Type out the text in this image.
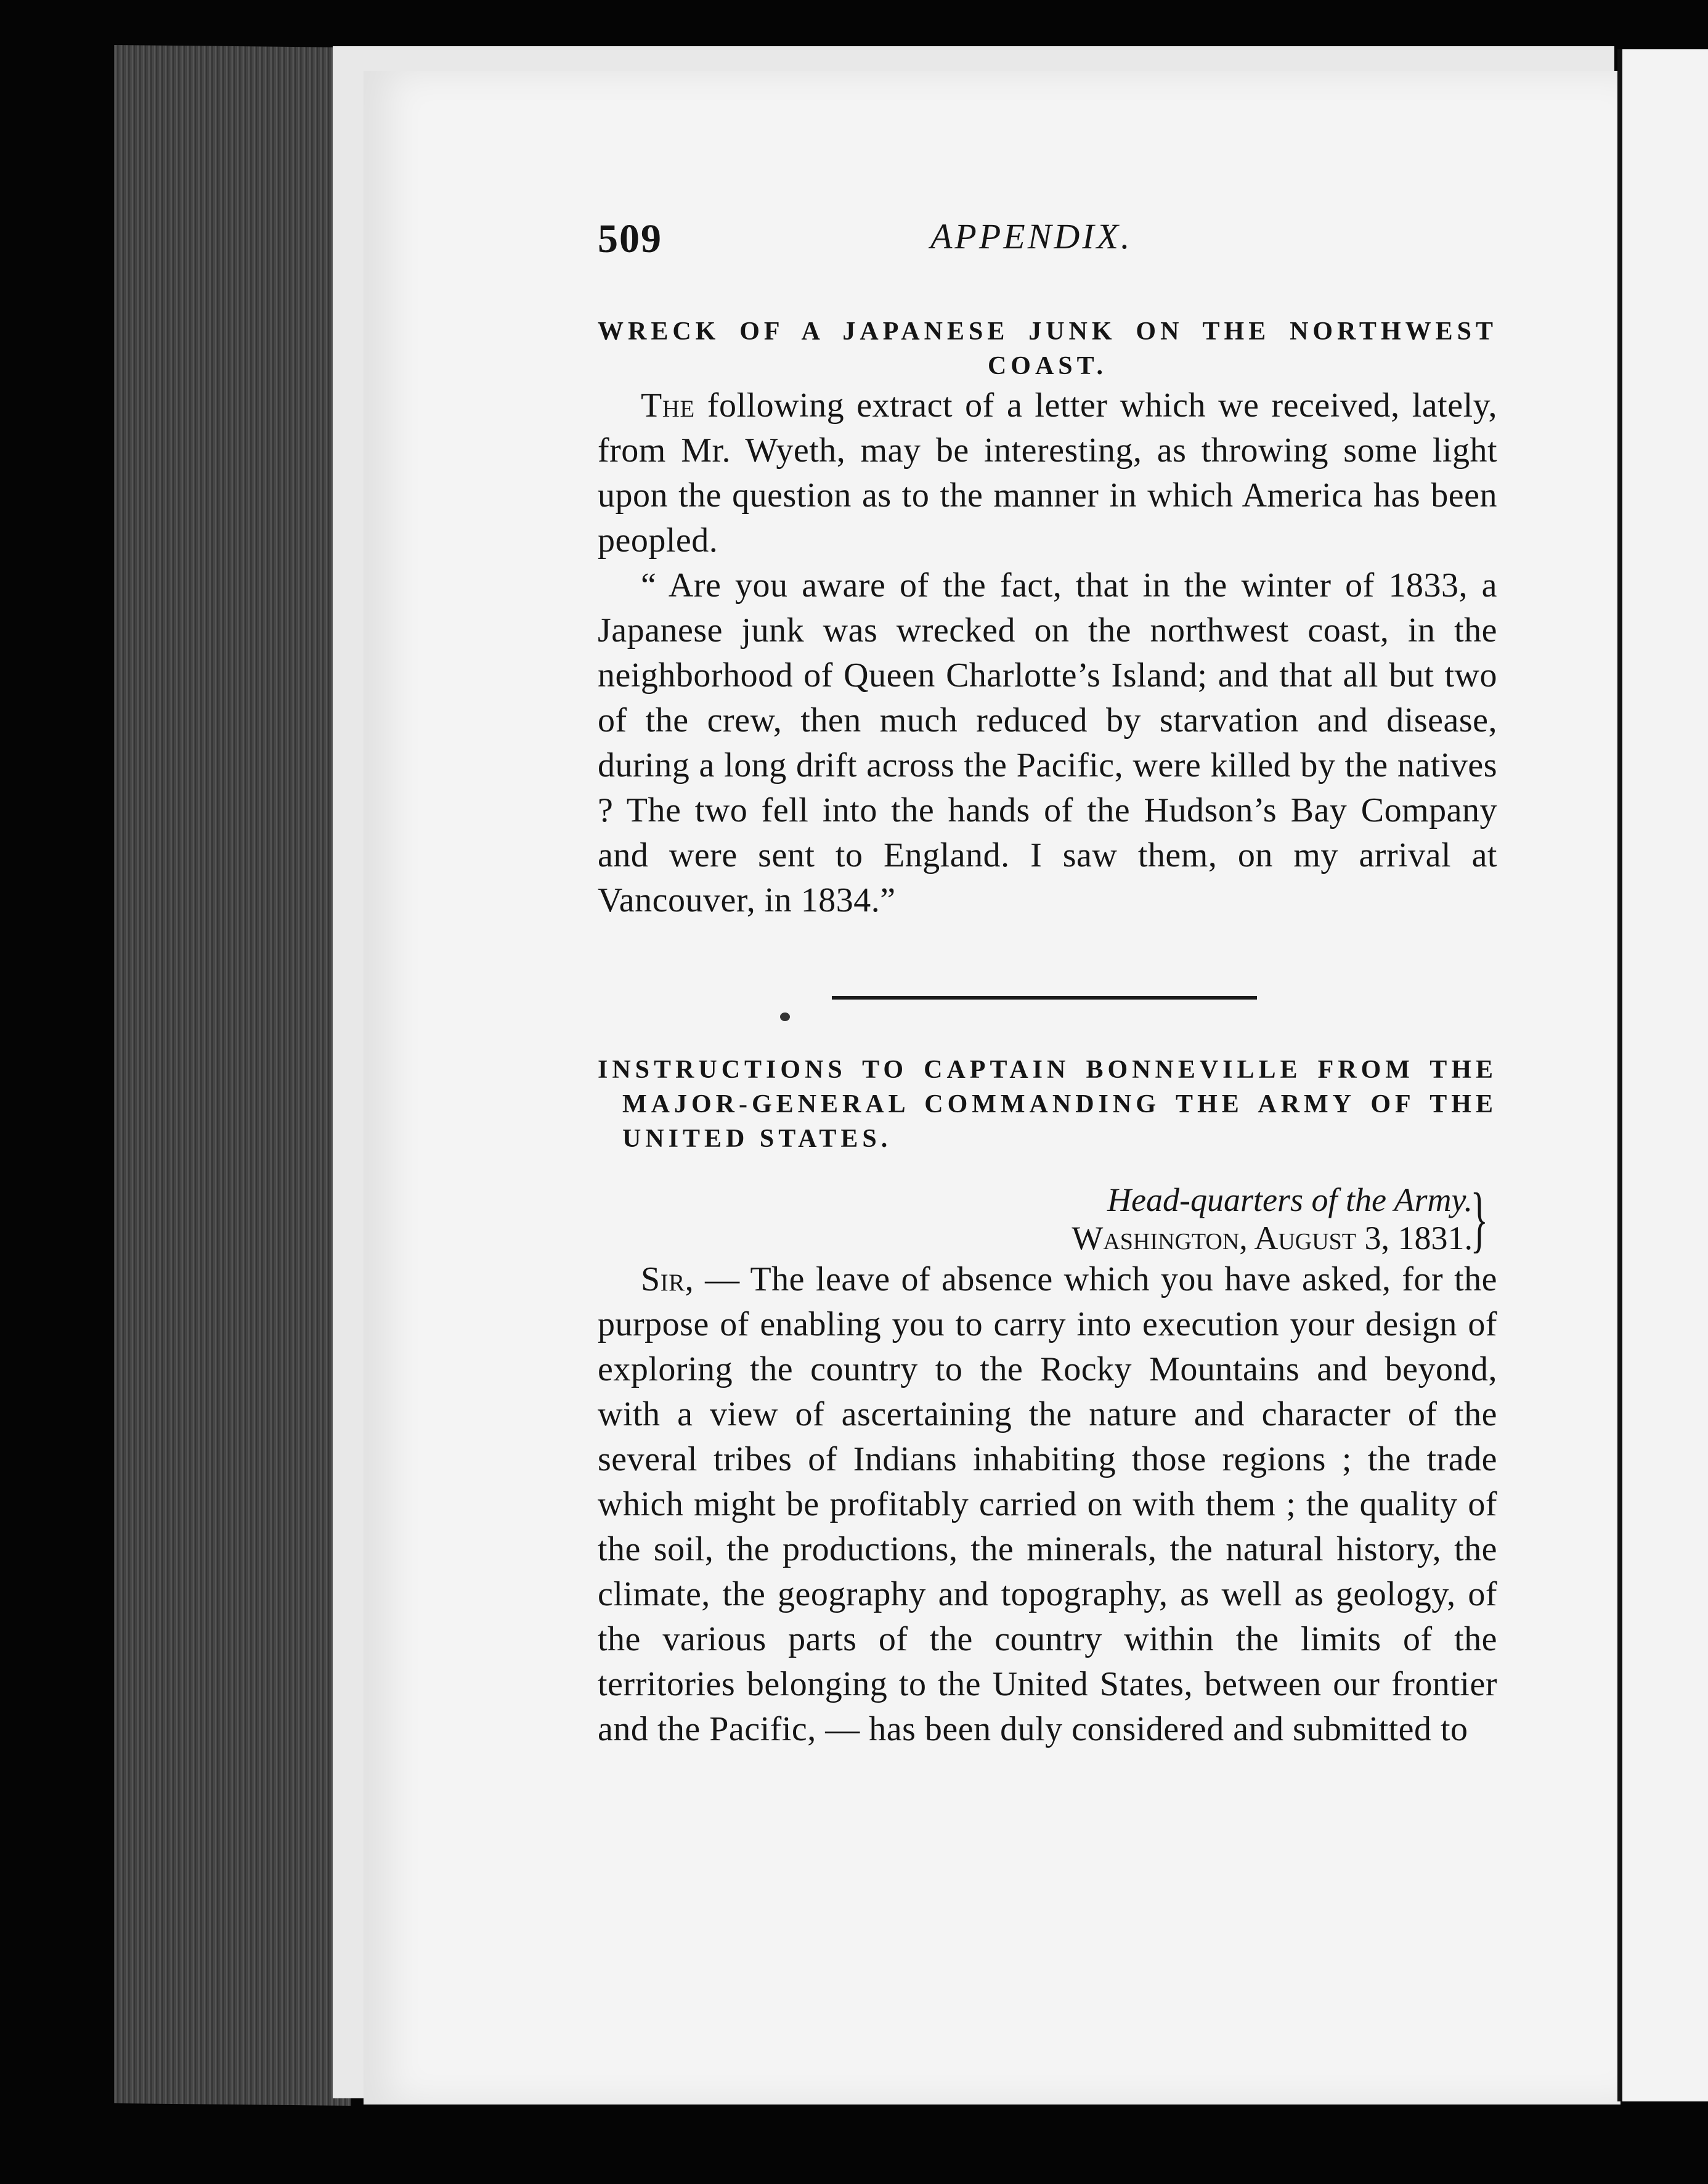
509	APPENDIX.
WRECK OF A JAPANESE JUNK ON THE NORTHWEST
COAST.

The following extract of a letter which we received, lately, from Mr. Wyeth, may be interesting, as throwing some light upon the question as to the manner in which America has been peopled.

“ Are you aware of the fact, that in the winter of 1833, a Japanese junk was wrecked on the northwest coast, in the neighborhood of Queen Charlotte’s Island; and that all but two of the crew, then much reduced by starvation and disease, during a long drift across the Pacific, were killed by the natives ? The two fell into the hands of the Hudson’s Bay Company and were sent to England. I saw them, on my arrival at Vancouver, in 1834.”

INSTRUCTIONS TO CAPTAIN BONNEVILLE FROM THE
MAJOR-GENERAL COMMANDING THE ARMY OF THE
UNITED STATES.
Head-quarters of the Army.
Washington, August 3, 1831.
}

Sir, — The leave of absence which you have asked, for the purpose of enabling you to carry into execution your design of exploring the country to the Rocky Mountains and beyond, with a view of ascertaining the nature and character of the several tribes of Indians inhabiting those regions ; the trade which might be profitably carried on with them ; the quality of the soil, the productions, the minerals, the natural history, the climate, the geography and topography, as well as geology, of the various parts of the country within the limits of the territories belonging to the United States, between our frontier and the Pacific, — has been duly considered and submitted to
